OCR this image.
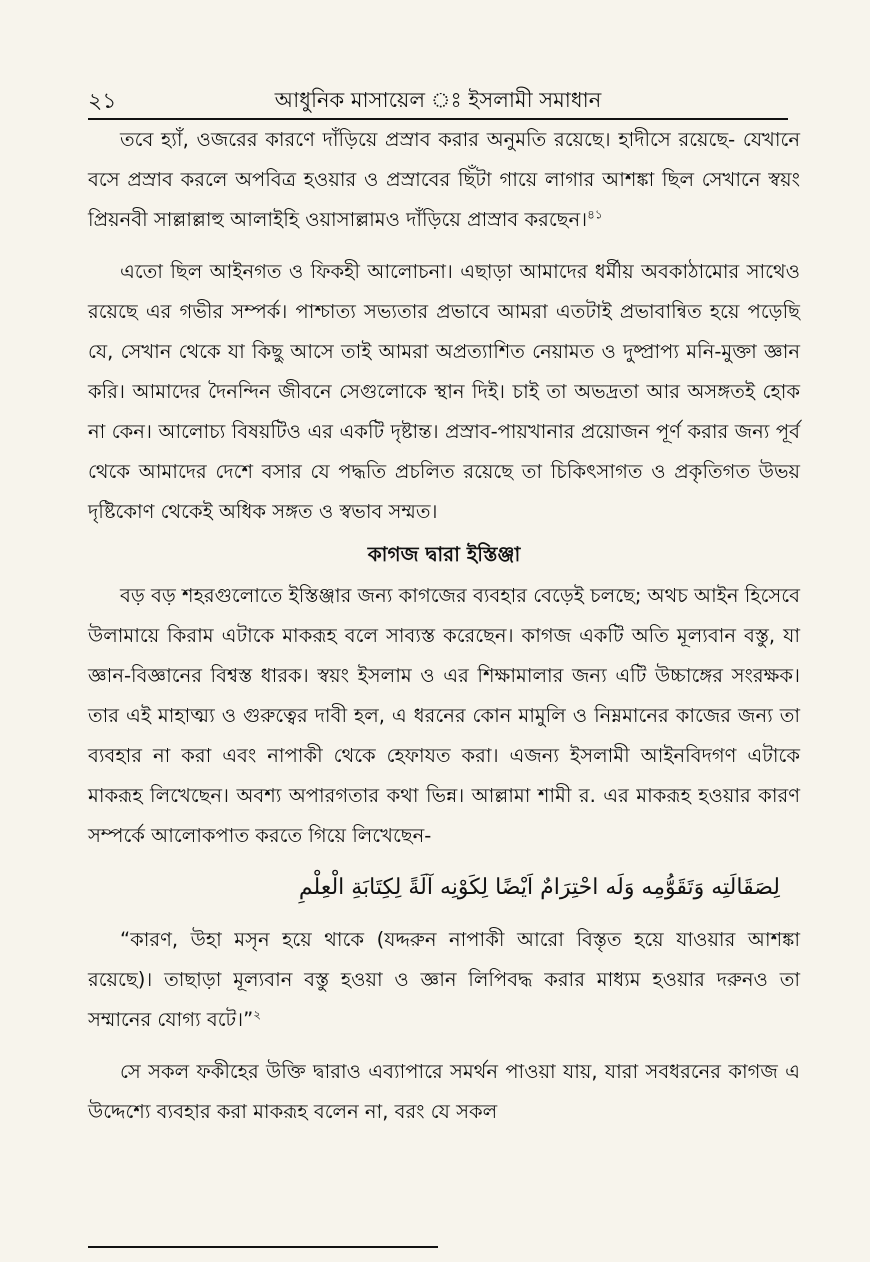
২১	আধুনিক মাসায়েল ঃ ইসলামী সমাধান

তবে হ্যাঁ, ওজরের কারণে দাঁড়িয়ে প্রস্রাব করার অনুমতি রয়েছে। হাদীসে রয়েছে- যেখানে বসে প্রস্রাব করলে অপবিত্র হওয়ার ও প্রস্রাবের ছিঁটা গায়ে লাগার আশঙ্কা ছিল সেখানে স্বয়ং প্রিয়নবী সাল্লাল্লাহু আলাইহি ওয়াসাল্লামও দাঁড়িয়ে প্রাস্রাব করছেন।$^{৪১}$

এতো ছিল আইনগত ও ফিকহী আলোচনা। এছাড়া আমাদের ধর্মীয় অবকাঠামোর সাথেও রয়েছে এর গভীর সম্পর্ক। পাশ্চাত্য সভ্যতার প্রভাবে আমরা এতটাই প্রভাবান্বিত হয়ে পড়েছি যে, সেখান থেকে যা কিছু আসে তাই আমরা অপ্রত্যাশিত নেয়ামত ও দুষ্প্রাপ্য মনি-মুক্তা জ্ঞান করি। আমাদের দৈনন্দিন জীবনে সেগুলোকে স্থান দিই। চাই তা অভদ্রতা আর অসঙ্গতই হোক না কেন। আলোচ্য বিষয়টিও এর একটি দৃষ্টান্ত। প্রস্রাব-পায়খানার প্রয়োজন পূর্ণ করার জন্য পূর্ব থেকে আমাদের দেশে বসার যে পদ্ধতি প্রচলিত রয়েছে তা চিকিৎসাগত ও প্রকৃতিগত উভয় দৃষ্টিকোণ থেকেই অধিক সঙ্গত ও স্বভাব সম্মত।

কাগজ দ্বারা ইস্তিঞ্জা

বড় বড় শহরগুলোতে ইস্তিঞ্জার জন্য কাগজের ব্যবহার বেড়েই চলছে; অথচ আইন হিসেবে উলামায়ে কিরাম এটাকে মাকরূহ বলে সাব্যস্ত করেছেন। কাগজ একটি অতি মূল্যবান বস্তু, যা জ্ঞান-বিজ্ঞানের বিশ্বস্ত ধারক। স্বয়ং ইসলাম ও এর শিক্ষামালার জন্য এটি উচ্চাঙ্গের সংরক্ষক। তার এই মাহাত্ম্য ও গুরুত্বের দাবী হল, এ ধরনের কোন মামুলি ও নিম্নমানের কাজের জন্য তা ব্যবহার না করা এবং নাপাকী থেকে হেফাযত করা। এজন্য ইসলামী আইনবিদগণ এটাকে মাকরূহ লিখেছেন। অবশ্য অপারগতার কথা ভিন্ন। আল্লামা শামী র. এর মাকরূহ হওয়ার কারণ সম্পর্কে আলোকপাত করতে গিয়ে লিখেছেন-

لِصَقَالَتِه وَتَقَوُّمِه وَلَه احْتِرَامٌ اَيْضًا لِكَوْنِه آلَةً لِكِتَابَةِ الْعِلْمِ

“কারণ, উহা মসৃন হয়ে থাকে (যদ্দরুন নাপাকী আরো বিস্তৃত হয়ে যাওয়ার আশঙ্কা রয়েছে)। তাছাড়া মূল্যবান বস্তু হওয়া ও জ্ঞান লিপিবদ্ধ করার মাধ্যম হওয়ার দরুনও তা সম্মানের যোগ্য বটে।”$^২$

সে সকল ফকীহের উক্তি দ্বারাও এব্যাপারে সমর্থন পাওয়া যায়, যারা সবধরনের কাগজ এ উদ্দেশ্যে ব্যবহার করা মাকরূহ বলেন না, বরং যে সকল
